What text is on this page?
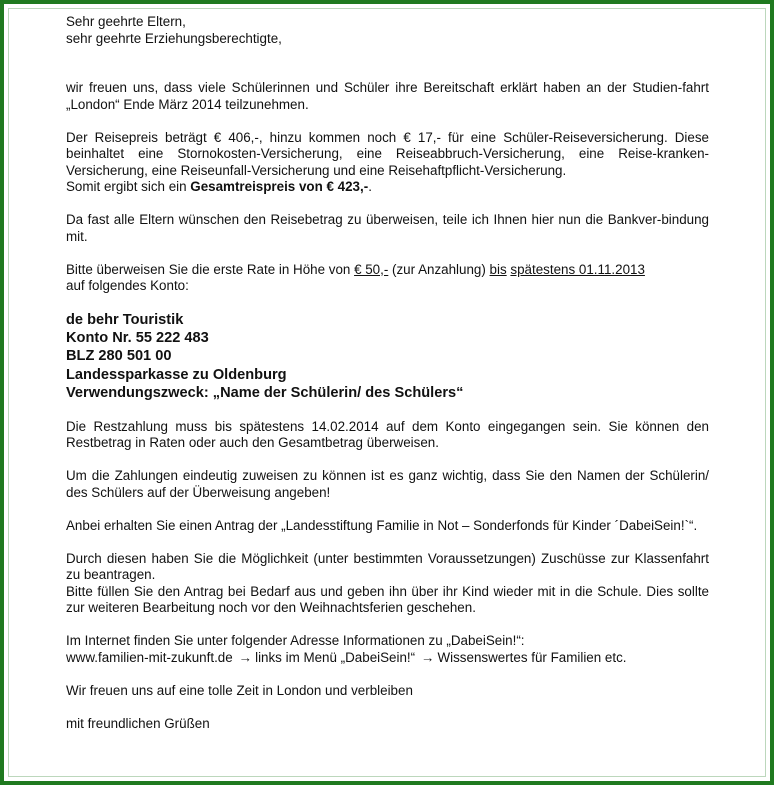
Sehr geehrte Eltern,

sehr geehrte Erziehungsberechtigte,

wir freuen uns, dass viele Schülerinnen und Schüler ihre Bereitschaft erklärt haben an der Studien-fahrt „London“ Ende März 2014 teilzunehmen.

Der Reisepreis beträgt € 406,-, hinzu kommen noch € 17,- für eine Schüler-Reiseversicherung. Diese beinhaltet eine Stornokosten-Versicherung, eine Reiseabbruch-Versicherung, eine Reise-kranken-Versicherung, eine Reiseunfall-Versicherung und eine Reisehaftpflicht-Versicherung.

Somit ergibt sich ein Gesamtreispreis von € 423,-.

Da fast alle Eltern wünschen den Reisebetrag zu überweisen, teile ich Ihnen hier nun die Bankver-bindung mit.

Bitte überweisen Sie die erste Rate in Höhe von € 50,- (zur Anzahlung) bis spätestens 01.11.2013

auf folgendes Konto:

de behr Touristik
Konto Nr. 55 222 483
BLZ 280 501 00
Landessparkasse zu Oldenburg
Verwendungszweck: „Name der Schülerin/ des Schülers“

Die Restzahlung muss bis spätestens 14.02.2014 auf dem Konto eingegangen sein. Sie können den Restbetrag in Raten oder auch den Gesamtbetrag überweisen.

Um die Zahlungen eindeutig zuweisen zu können ist es ganz wichtig, dass Sie den Namen der Schülerin/ des Schülers auf der Überweisung angeben!

Anbei erhalten Sie einen Antrag der „Landesstiftung Familie in Not – Sonderfonds für Kinder ´DabeiSein!`“.

Durch diesen haben Sie die Möglichkeit (unter bestimmten Voraussetzungen) Zuschüsse zur Klassenfahrt zu beantragen.

Bitte füllen Sie den Antrag bei Bedarf aus und geben ihn über ihr Kind wieder mit in die Schule. Dies sollte zur weiteren Bearbeitung noch vor den Weihnachtsferien geschehen.

Im Internet finden Sie unter folgender Adresse Informationen zu „DabeiSein!“:

www.familien-mit-zukunft.de → links im Menü „DabeiSein!“ → Wissenswertes für Familien etc.

Wir freuen uns auf eine tolle Zeit in London und verbleiben

mit freundlichen Grüßen
